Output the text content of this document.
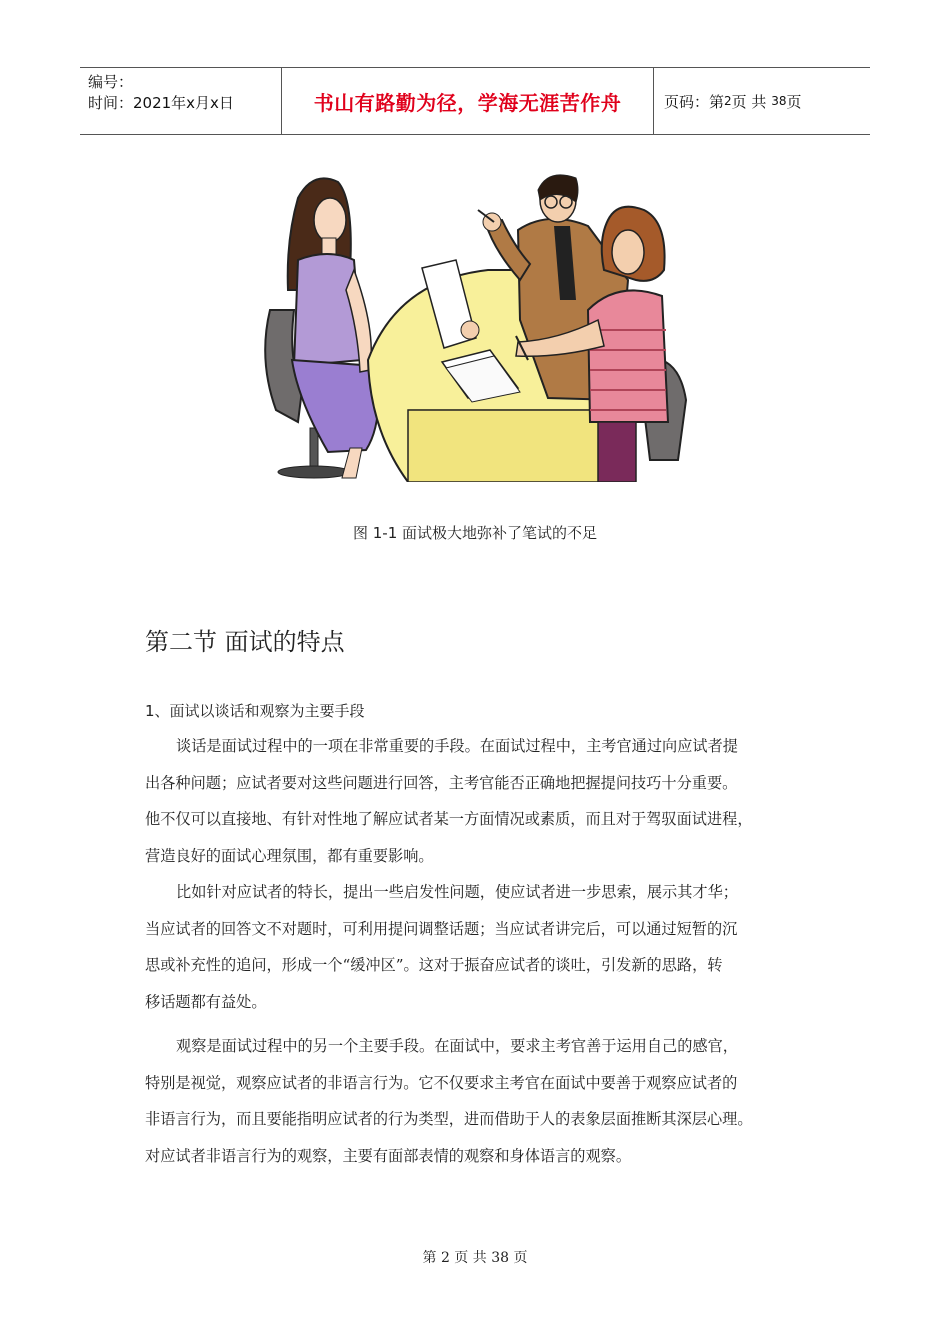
编号：
时间：2021年x月x日	书山有路勤为径，学海无涯苦作舟	页码：第 2 页 共
38 页
图 1-1 面试极大地弥补了笔试的不足
第二节 面试的特点
1、面试以谈话和观察为主要手段
谈话是面试过程中的一项在非常重要的手段。在面试过程中，主考官通过向应试者提
出各种问题；应试者要对这些问题进行回答，主考官能否正确地把握提问技巧十分重要。
他不仅可以直接地、有针对性地了解应试者某一方面情况或素质，而且对于驾驭面试进程，
营造良好的面试心理氛围，都有重要影响。
比如针对应试者的特长，提出一些启发性问题，使应试者进一步思索，展示其才华；
当应试者的回答文不对题时，可利用提问调整话题；当应试者讲完后，可以通过短暂的沉
思或补充性的追问，形成一个“缓冲区”。这对于振奋应试者的谈吐，引发新的思路，转
移话题都有益处。
观察是面试过程中的另一个主要手段。在面试中，要求主考官善于运用自己的感官，
特别是视觉，观察应试者的非语言行为。它不仅要求主考官在面试中要善于观察应试者的
非语言行为，而且要能指明应试者的行为类型，进而借助于人的表象层面推断其深层心理。
对应试者非语言行为的观察，主要有面部表情的观察和身体语言的观察。
第 2 页 共 38 页
